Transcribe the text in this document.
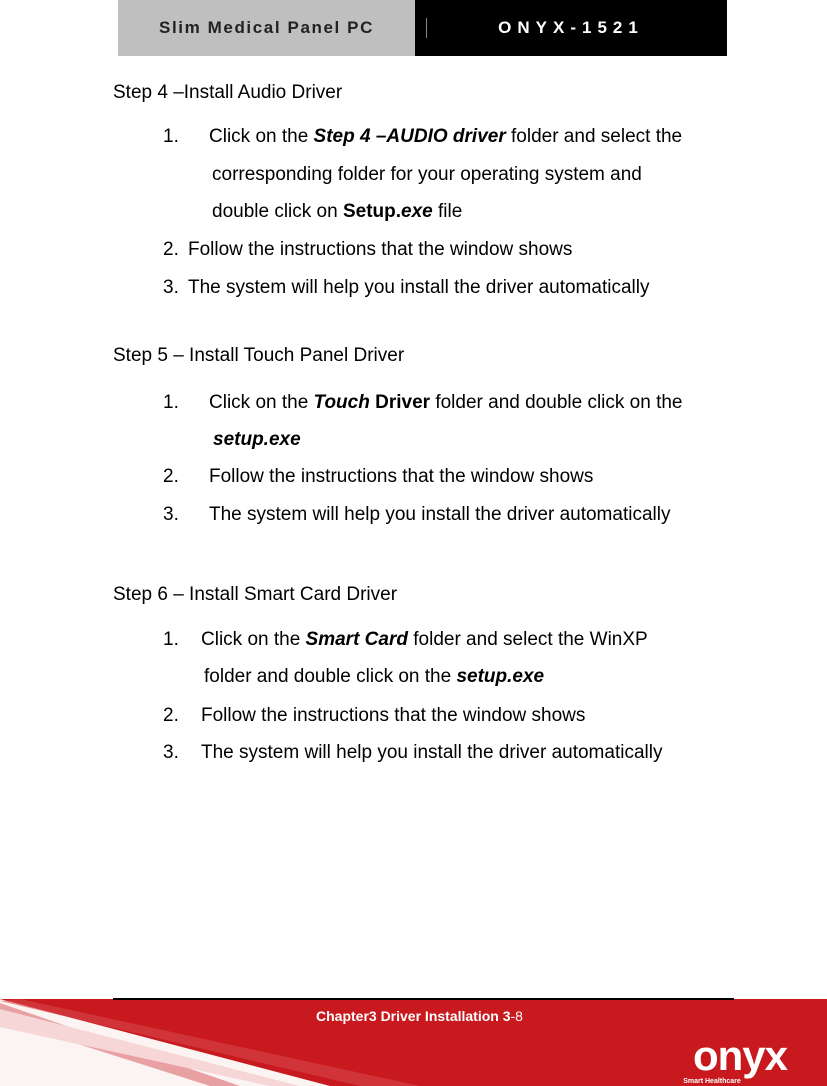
Slim Medical Panel PC	ONYX-1521
Step 4 –Install Audio Driver
1. Click on the Step 4 –AUDIO driver folder and select the
corresponding folder for your operating system and
double click on Setup.exe file
2. Follow the instructions that the window shows
3. The system will help you install the driver automatically
Step 5 – Install Touch Panel Driver
1. Click on the Touch Driver folder and double click on the
setup.exe
2. Follow the instructions that the window shows
3. The system will help you install the driver automatically
Step 6 – Install Smart Card Driver
1. Click on the Smart Card folder and select the WinXP
folder and double click on the setup.exe
2. Follow the instructions that the window shows
3. The system will help you install the driver automatically
Chapter3 Driver Installation 3-8
onyx
Smart Healthcare
